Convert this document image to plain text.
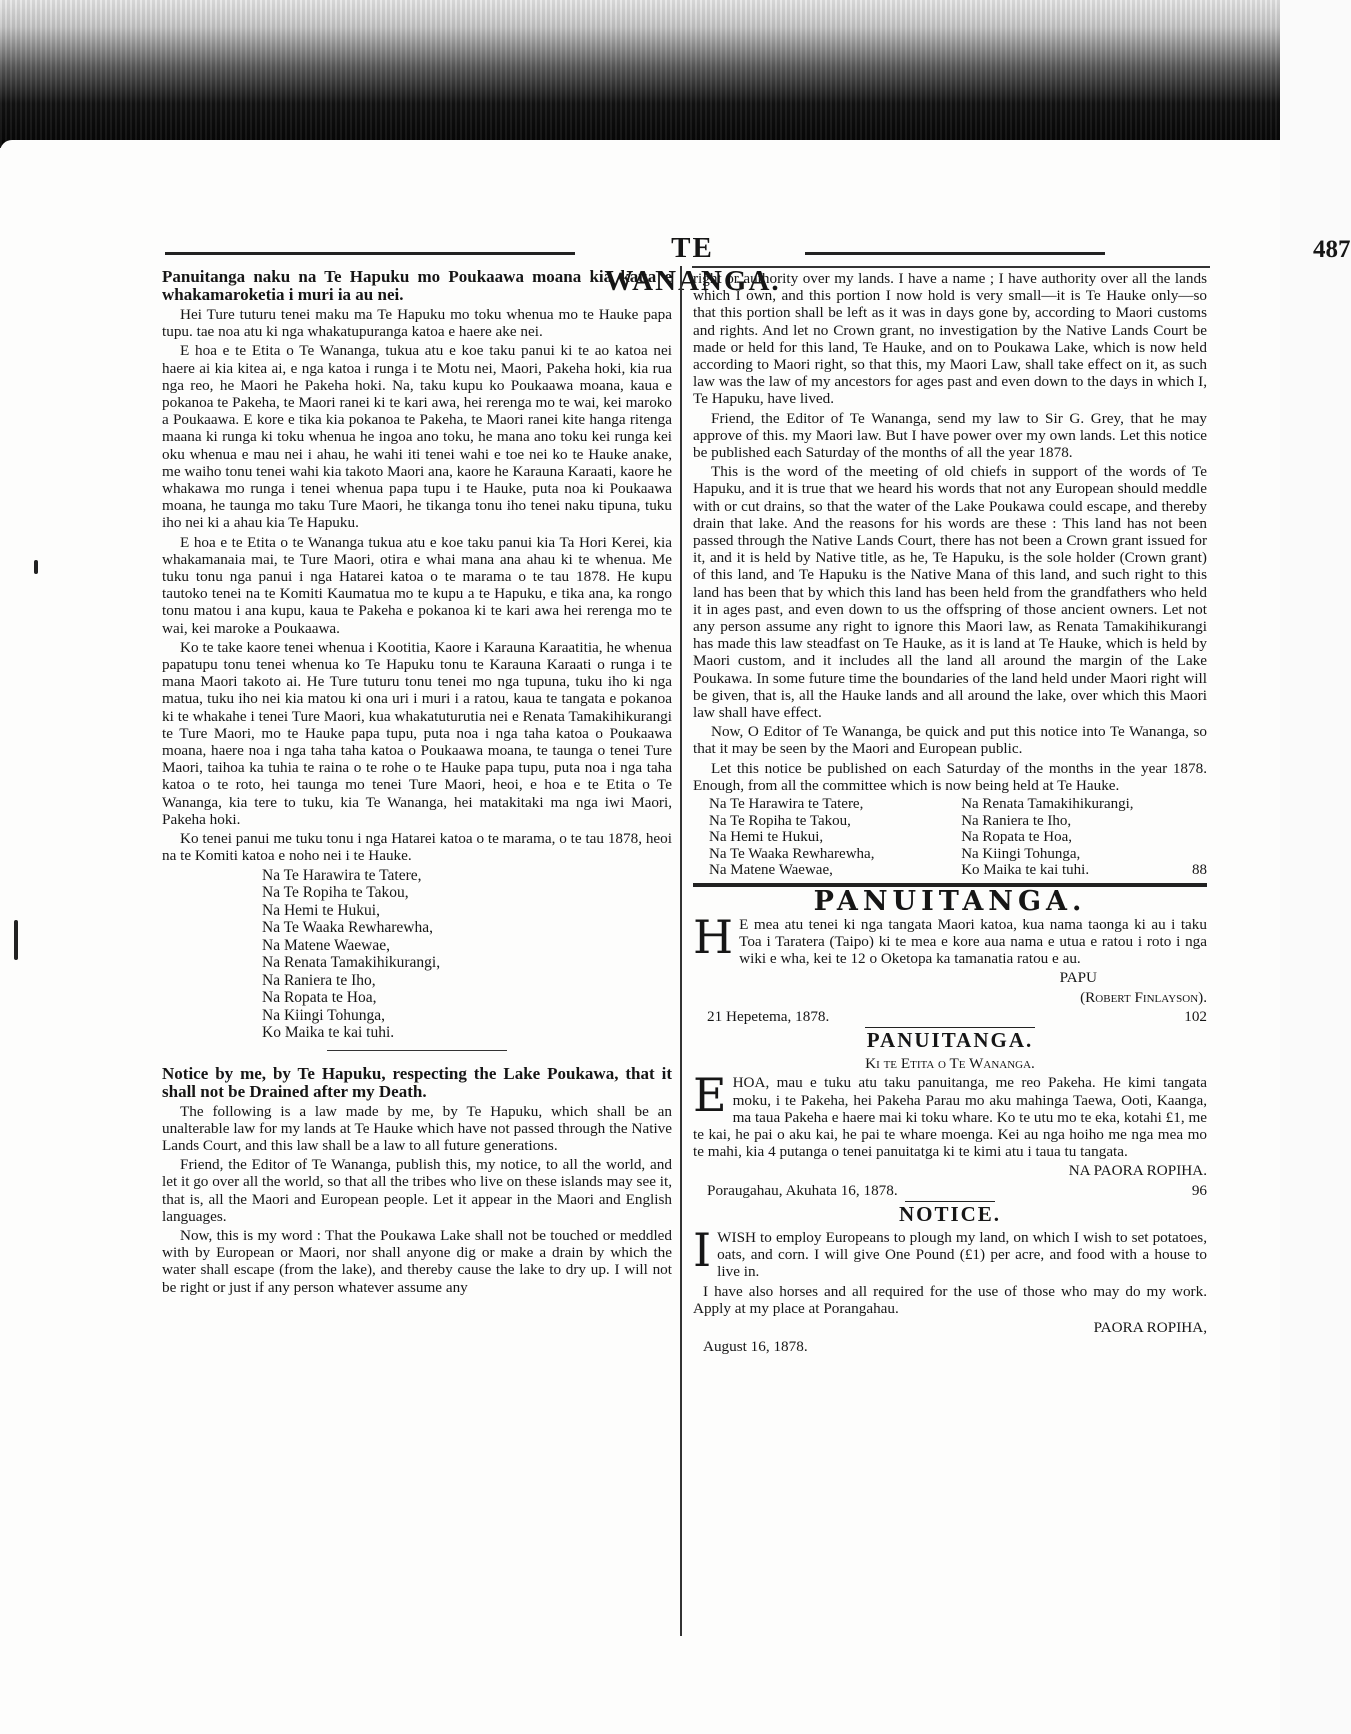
TE WANANGA.
487

Panuitanga naku na Te Hapuku mo Poukaawa moana kia kaua e whakamaroketia i muri ia au nei.

Hei Ture tuturu tenei maku ma Te Hapuku mo toku whenua mo te Hauke papa tupu. tae noa atu ki nga whakatupuranga katoa e haere ake nei.

E hoa e te Etita o Te Wananga, tukua atu e koe taku panui ki te ao katoa nei haere ai kia kitea ai, e nga katoa i runga i te Motu nei, Maori, Pakeha hoki, kia rua nga reo, he Maori he Pakeha hoki. Na, taku kupu ko Poukaawa moana, kaua e pokanoa te Pakeha, te Maori ranei ki te kari awa, hei rerenga mo te wai, kei maroko a Poukaawa. E kore e tika kia pokanoa te Pakeha, te Maori ranei kite hanga ritenga maana ki runga ki toku whenua he ingoa ano toku, he mana ano toku kei runga kei oku whenua e mau nei i ahau, he wahi iti tenei wahi e toe nei ko te Hauke anake, me waiho tonu tenei wahi kia takoto Maori ana, kaore he Karauna Karaati, kaore he whakawa mo runga i tenei whenua papa tupu i te Hauke, puta noa ki Poukaawa moana, he taunga mo taku Ture Maori, he tikanga tonu iho tenei naku tipuna, tuku iho nei ki a ahau kia Te Hapuku.

E hoa e te Etita o te Wananga tukua atu e koe taku panui kia Ta Hori Kerei, kia whakamanaia mai, te Ture Maori, otira e whai mana ana ahau ki te whenua. Me tuku tonu nga panui i nga Hatarei katoa o te marama o te tau 1878. He kupu tautoko tenei na te Komiti Kaumatua mo te kupu a te Hapuku, e tika ana, ka rongo tonu matou i ana kupu, kaua te Pakeha e pokanoa ki te kari awa hei rerenga mo te wai, kei maroke a Poukaawa.

Ko te take kaore tenei whenua i Kootitia, Kaore i Karauna Karaatitia, he whenua papatupu tonu tenei whenua ko Te Hapuku tonu te Karauna Karaati o runga i te mana Maori takoto ai. He Ture tuturu tonu tenei mo nga tupuna, tuku iho ki nga matua, tuku iho nei kia matou ki ona uri i muri i a ratou, kaua te tangata e pokanoa ki te whakahe i tenei Ture Maori, kua whakatuturutia nei e Renata Tamakihikurangi te Ture Maori, mo te Hauke papa tupu, puta noa i nga taha katoa o Poukaawa moana, haere noa i nga taha taha katoa o Poukaawa moana, te taunga o tenei Ture Maori, taihoa ka tuhia te raina o te rohe o te Hauke papa tupu, puta noa i nga taha katoa o te roto, hei taunga mo tenei Ture Maori, heoi, e hoa e te Etita o Te Wananga, kia tere to tuku, kia Te Wananga, hei matakitaki ma nga iwi Maori, Pakeha hoki.

Ko tenei panui me tuku tonu i nga Hatarei katoa o te marama, o te tau 1878, heoi na te Komiti katoa e noho nei i te Hauke.

Na Te Harawira te Tatere,
Na Te Ropiha te Takou,
Na Hemi te Hukui,
Na Te Waaka Rewharewha,
Na Matene Waewae,
Na Renata Tamakihikurangi,
Na Raniera te Iho,
Na Ropata te Hoa,
Na Kiingi Tohunga,
Ko Maika te kai tuhi.

Notice by me, by Te Hapuku, respecting the Lake Poukawa, that it shall not be Drained after my Death.

The following is a law made by me, by Te Hapuku, which shall be an unalterable law for my lands at Te Hauke which have not passed through the Native Lands Court, and this law shall be a law to all future generations.

Friend, the Editor of Te Wananga, publish this, my notice, to all the world, and let it go over all the world, so that all the tribes who live on these islands may see it, that is, all the Maori and European people. Let it appear in the Maori and English languages.

Now, this is my word : That the Poukawa Lake shall not be touched or meddled with by European or Maori, nor shall anyone dig or make a drain by which the water shall escape (from the lake), and thereby cause the lake to dry up. I will not be right or just if any person whatever assume any

right or authority over my lands. I have a name ; I have authority over all the lands which I own, and this portion I now hold is very small—it is Te Hauke only—so that this portion shall be left as it was in days gone by, according to Maori customs and rights. And let no Crown grant, no investigation by the Native Lands Court be made or held for this land, Te Hauke, and on to Poukawa Lake, which is now held according to Maori right, so that this, my Maori Law, shall take effect on it, as such law was the law of my ancestors for ages past and even down to the days in which I, Te Hapuku, have lived.

Friend, the Editor of Te Wananga, send my law to Sir G. Grey, that he may approve of this. my Maori law. But I have power over my own lands. Let this notice be published each Saturday of the months of all the year 1878.

This is the word of the meeting of old chiefs in support of the words of Te Hapuku, and it is true that we heard his words that not any European should meddle with or cut drains, so that the water of the Lake Poukawa could escape, and thereby drain that lake. And the reasons for his words are these : This land has not been passed through the Native Lands Court, there has not been a Crown grant issued for it, and it is held by Native title, as he, Te Hapuku, is the sole holder (Crown grant) of this land, and Te Hapuku is the Native Mana of this land, and such right to this land has been that by which this land has been held from the grandfathers who held it in ages past, and even down to us the offspring of those ancient owners. Let not any person assume any right to ignore this Maori law, as Renata Tamakihikurangi has made this law steadfast on Te Hauke, as it is land at Te Hauke, which is held by Maori custom, and it includes all the land all around the margin of the Lake Poukawa. In some future time the boundaries of the land held under Maori right will be given, that is, all the Hauke lands and all around the lake, over which this Maori law shall have effect.

Now, O Editor of Te Wananga, be quick and put this notice into Te Wananga, so that it may be seen by the Maori and European public.

Let this notice be published on each Saturday of the months in the year 1878. Enough, from all the committee which is now being held at Te Hauke.

Na Te Harawira te Tatere,	Na Renata Tamakihikurangi,
Na Te Ropiha te Takou,	Na Raniera te Iho,
Na Hemi te Hukui,	Na Ropata te Hoa,
Na Te Waaka Rewharewha,	Na Kiingi Tohunga,
Na Matene Waewae,	Ko Maika te kai tuhi. 88
PANUITANGA.

H E mea atu tenei ki nga tangata Maori katoa, kua nama taonga ki au i taku Toa i Taratera (Taipo) ki te mea e kore aua nama e utua e ratou i roto i nga wiki e wha, kei te 12 o Oketopa ka tamanatia ratou e au.

PAPU

(Robert Finlayson).

21 Hepetema, 1878.	102
PANUITANGA.

Ki te Etita o Te Wananga.

EHOA, mau e tuku atu taku panuitanga, me reo Pakeha. He kimi tangata moku, i te Pakeha, hei Pakeha Parau mo aku mahinga Taewa, Ooti, Kaanga, ma taua Pakeha e haere mai ki toku whare. Ko te utu mo te eka, kotahi £1, me te kai, he pai o aku kai, he pai te whare moenga. Kei au nga hoiho me nga mea mo te mahi, kia 4 putanga o tenei panuitatga ki te kimi atu i taua tu tangata.

NA PAORA ROPIHA.

Poraugahau, Akuhata 16, 1878.	96
NOTICE.

IWISH to employ Europeans to plough my land, on which I wish to set potatoes, oats, and corn. I will give One Pound (£1) per acre, and food with a house to live in.

I have also horses and all required for the use of those who may do my work. Apply at my place at Porangahau.

PAORA ROPIHA,

August 16, 1878.
